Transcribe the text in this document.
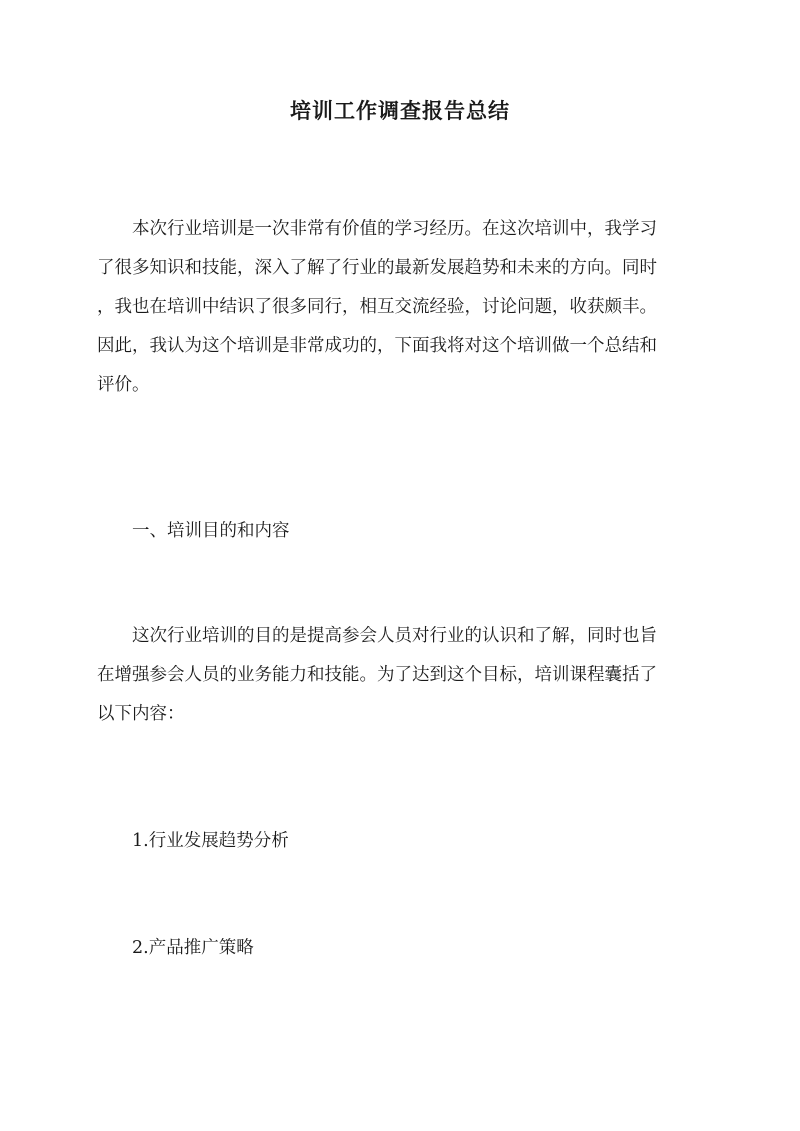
培训工作调查报告总结
本次行业培训是一次非常有价值的学习经历。在这次培训中，我学习
了很多知识和技能，深入了解了行业的最新发展趋势和未来的方向。同时
，我也在培训中结识了很多同行，相互交流经验，讨论问题，收获颇丰。
因此，我认为这个培训是非常成功的，下面我将对这个培训做一个总结和
评价。

一、培训目的和内容

这次行业培训的目的是提高参会人员对行业的认识和了解，同时也旨
在增强参会人员的业务能力和技能。为了达到这个目标，培训课程囊括了
以下内容：

1.行业发展趋势分析

2.产品推广策略
